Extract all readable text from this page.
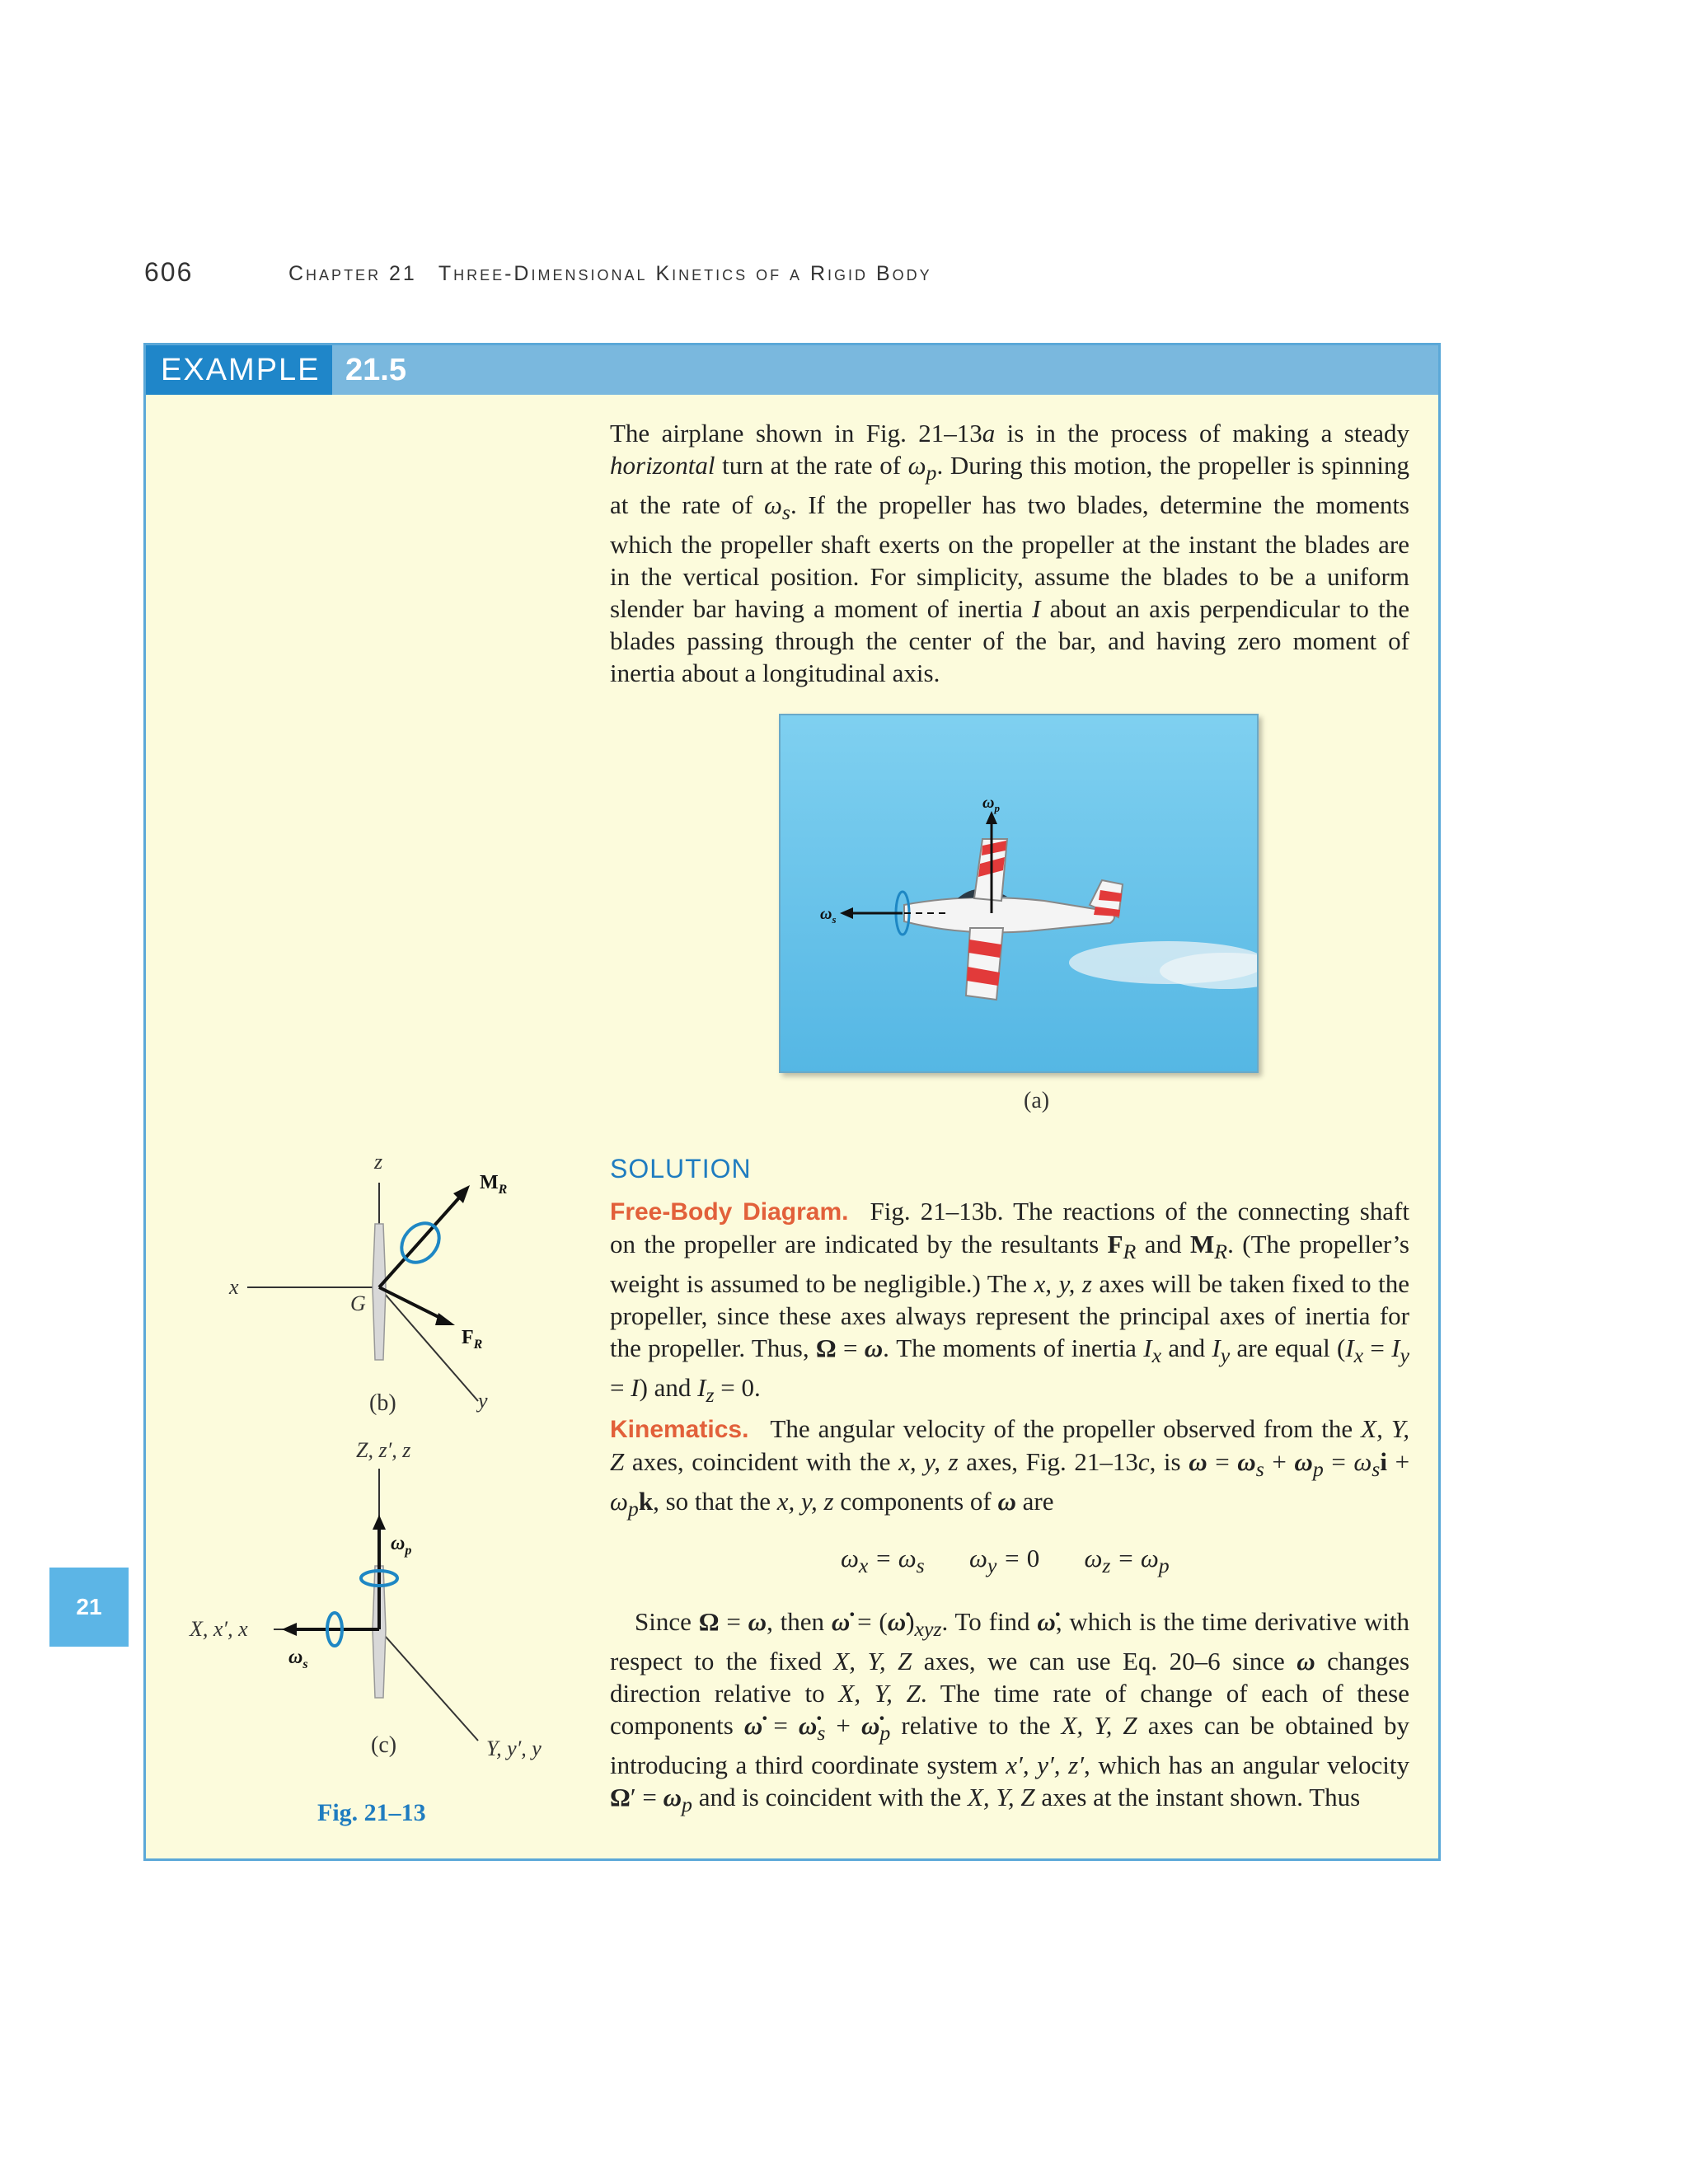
606	Chapter 21 Three-Dimensional Kinetics of a Rigid Body
21
EXAMPLE 21.5
The airplane shown in Fig. 21–13a is in the process of making a steady horizontal turn at the rate of $\omega_p$. During this motion, the propeller is spinning at the rate of $\omega_s$. If the propeller has two blades, determine the moments which the propeller shaft exerts on the propeller at the instant the blades are in the vertical position. For simplicity, assume the blades to be a uniform slender bar having a moment of inertia I about an axis perpendicular to the blades passing through the center of the bar, and having zero moment of inertia about a longitudinal axis.
$\omega_s$
$\omega_p$
(a)
z
x
y
G
$M_R$
$F_R$
(b)
Z, z′, z
X, x′, x
Y, y′, y
$\omega_p$
$\omega_s$
(c)
Fig. 21–13
SOLUTION
Free-Body Diagram. Fig. 21–13b. The reactions of the connecting shaft on the propeller are indicated by the resultants $F_R$ and $M_R$. (The propeller’s weight is assumed to be negligible.) The x, y, z axes will be taken fixed to the propeller, since these axes always represent the principal axes of inertia for the propeller. Thus, Ω = ω. The moments of inertia $I_x$ and $I_y$ are equal $(I_x = I_y = I)$ and $I_z = 0$.
Kinematics. The angular velocity of the propeller observed from the X, Y, Z axes, coincident with the x, y, z axes, Fig. 21–13c, is $\omega = \omega_s + \omega_p = \omega_si + \omega_pk$, so that the x, y, z components of ω are
$\omega_x = \omega_s$       $\omega_y = 0$       $\omega_z = \omega_p$
Since Ω = ω, then ω̇ = $(\omegȧ)_{xyz}$. To find ω̇, which is the time derivative with respect to the fixed X, Y, Z axes, we can use Eq. 20–6 since ω changes direction relative to X, Y, Z. The time rate of change of each of these components ω̇ = $\omegȧ_s$ + $\omegȧ_p$ relative to the X, Y, Z axes can be obtained by introducing a third coordinate system x′, y′, z′, which has an angular velocity $\Omega' = \omega_p$ and is coincident with the X, Y, Z axes at the instant shown. Thus
